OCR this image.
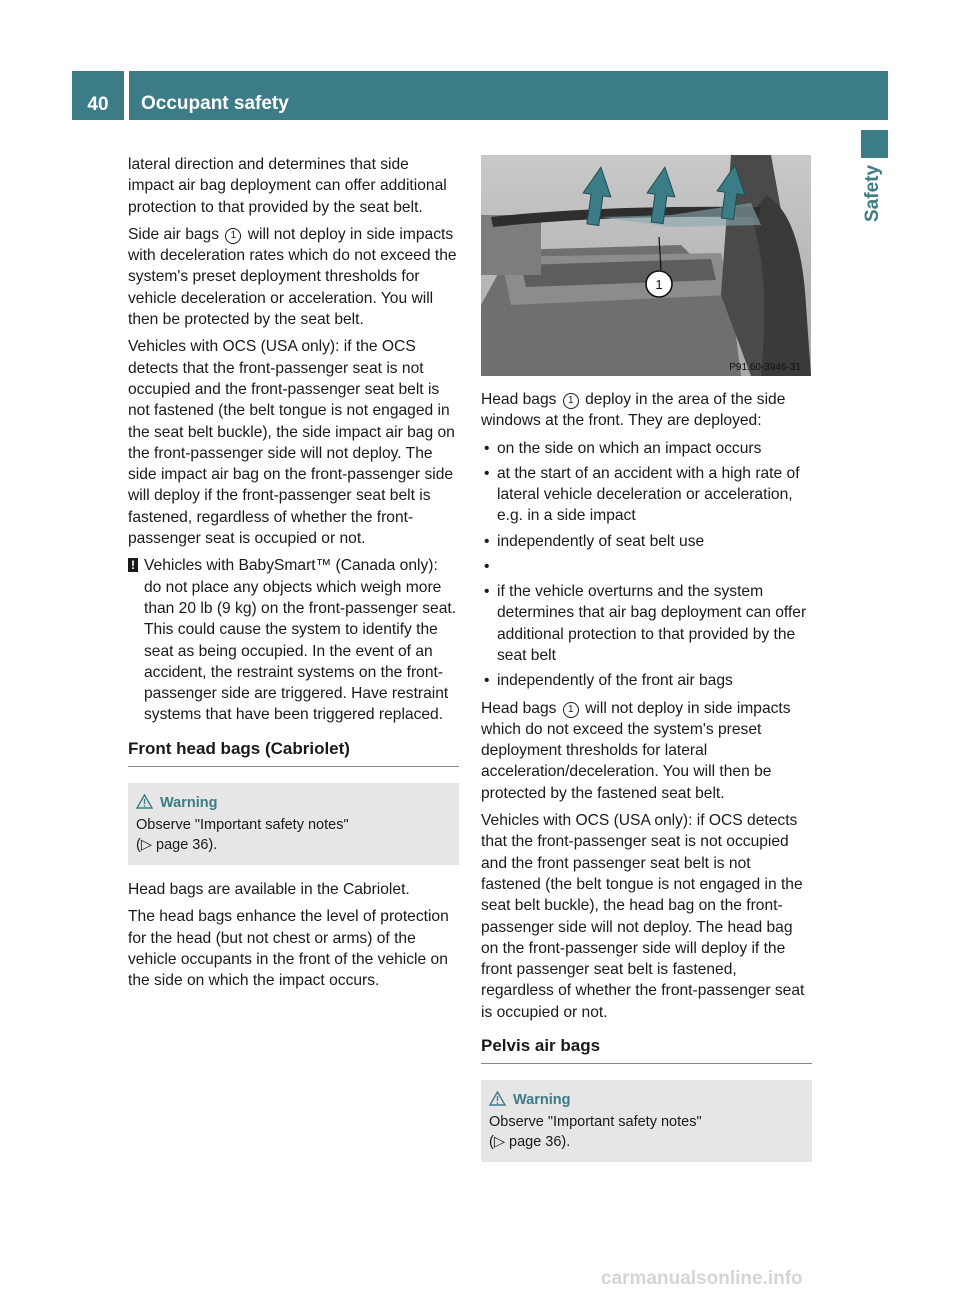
40	Occupant safety
Safety

lateral direction and determines that side impact air bag deployment can offer additional protection to that provided by the seat belt.

Side air bags 1 will not deploy in side impacts with deceleration rates which do not exceed the system's preset deployment thresholds for vehicle deceleration or acceleration. You will then be protected by the seat belt.

Vehicles with OCS (USA only): if the OCS detects that the front-passenger seat is not occupied and the front-passenger seat belt is not fastened (the belt tongue is not engaged in the seat belt buckle), the side impact air bag on the front-passenger side will not deploy. The side impact air bag on the front-passenger side will deploy if the front-passenger seat belt is fastened, regardless of whether the front-passenger seat is occupied or not.

! Vehicles with BabySmart™ (Canada only): do not place any objects which weigh more than 20 lb (9 kg) on the front-passenger seat. This could cause the system to identify the seat as being occupied. In the event of an accident, the restraint systems on the front-passenger side are triggered. Have restraint systems that have been triggered replaced.
Front head bags (Cabriolet)
Warning
Observe "Important safety notes"
(▷ page 36).

Head bags are available in the Cabriolet.

The head bags enhance the level of protection for the head (but not chest or arms) of the vehicle occupants in the front of the vehicle on the side on which the impact occurs.

1
P91.60-3946-31

Head bags 1 deploy in the area of the side windows at the front. They are deployed:

• on the side on which an impact occurs
• at the start of an accident with a high rate of lateral vehicle deceleration or acceleration, e.g. in a side impact
• independently of seat belt use
•
• if the vehicle overturns and the system determines that air bag deployment can offer additional protection to that provided by the seat belt
• independently of the front air bags

Head bags 1 will not deploy in side impacts which do not exceed the system's preset deployment thresholds for lateral acceleration/deceleration. You will then be protected by the fastened seat belt.

Vehicles with OCS (USA only): if OCS detects that the front-passenger seat is not occupied and the front passenger seat belt is not fastened (the belt tongue is not engaged in the seat belt buckle), the head bag on the front-passenger side will not deploy. The head bag on the front-passenger side will deploy if the front passenger seat belt is fastened, regardless of whether the front-passenger seat is occupied or not.

Pelvis air bags
Warning
Observe "Important safety notes"
(▷ page 36).
carmanualsonline.info
